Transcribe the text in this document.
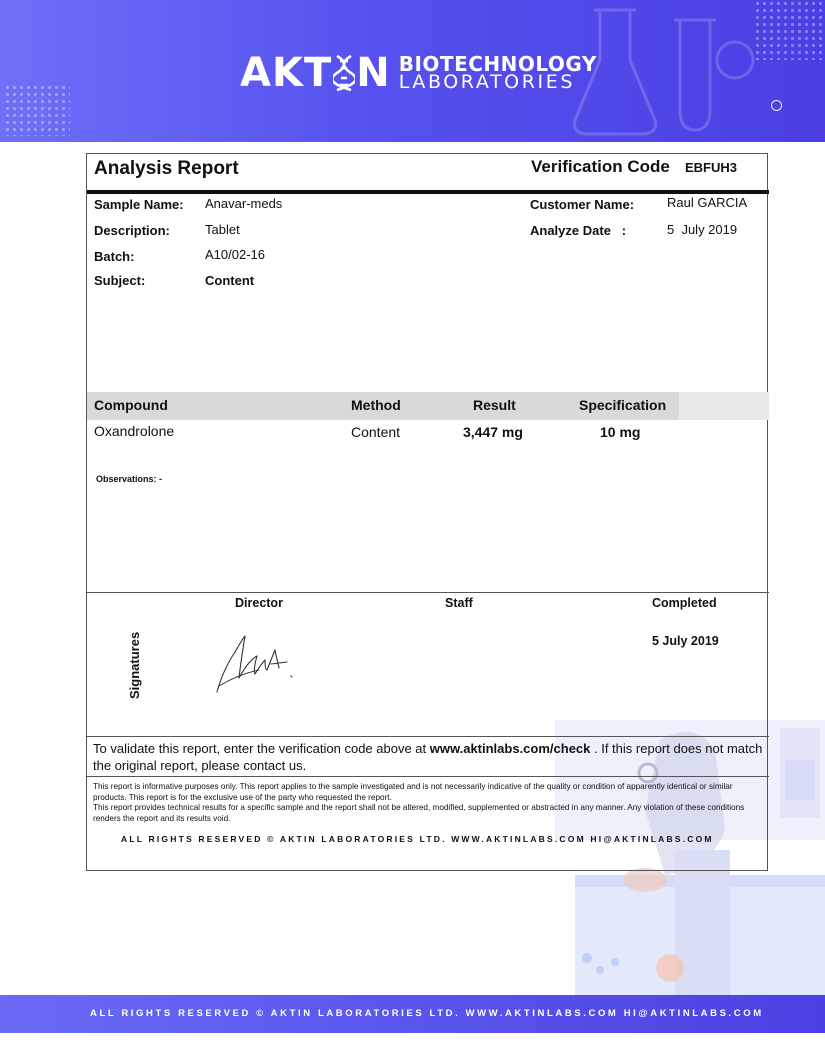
AKT N BIOTECHNOLOGY
LABORATORIES
Analysis Report	Verification Code EBFUH3
Sample Name: Anavar-meds
Description:	Tablet
Batch:	A10/02-16
Subject:	Content
Customer Name:	Raul GARCIA
Analyze Date   :	5  July 2019
Compound	Method	Result	Specification
Oxandrolone	Content	3,447 mg	10 mg
Observations: -
Director	Staff	Completed
5 July 2019
Signatures
To validate this report, enter the verification code above at www.aktinlabs.com/check . If this report does not match the original report, please contact us.
This report is informative purposes only. This report applies to the sample investigated and is not necessarily indicative of the quality or condition of apparently identical or similar products. This report is for the exclusive use of the party who requested the report.
This report provides technical results for a specific sample and the report shall not be altered, modified, supplemented or abstracted in any manner. Any violation of these conditions renders the report and its results void.
ALL RIGHTS RESERVED © AKTIN LABORATORIES LTD. WWW.AKTINLABS.COM HI@AKTINLABS.COM
ALL RIGHTS RESERVED © AKTIN LABORATORIES LTD. WWW.AKTINLABS.COM HI@AKTINLABS.COM
